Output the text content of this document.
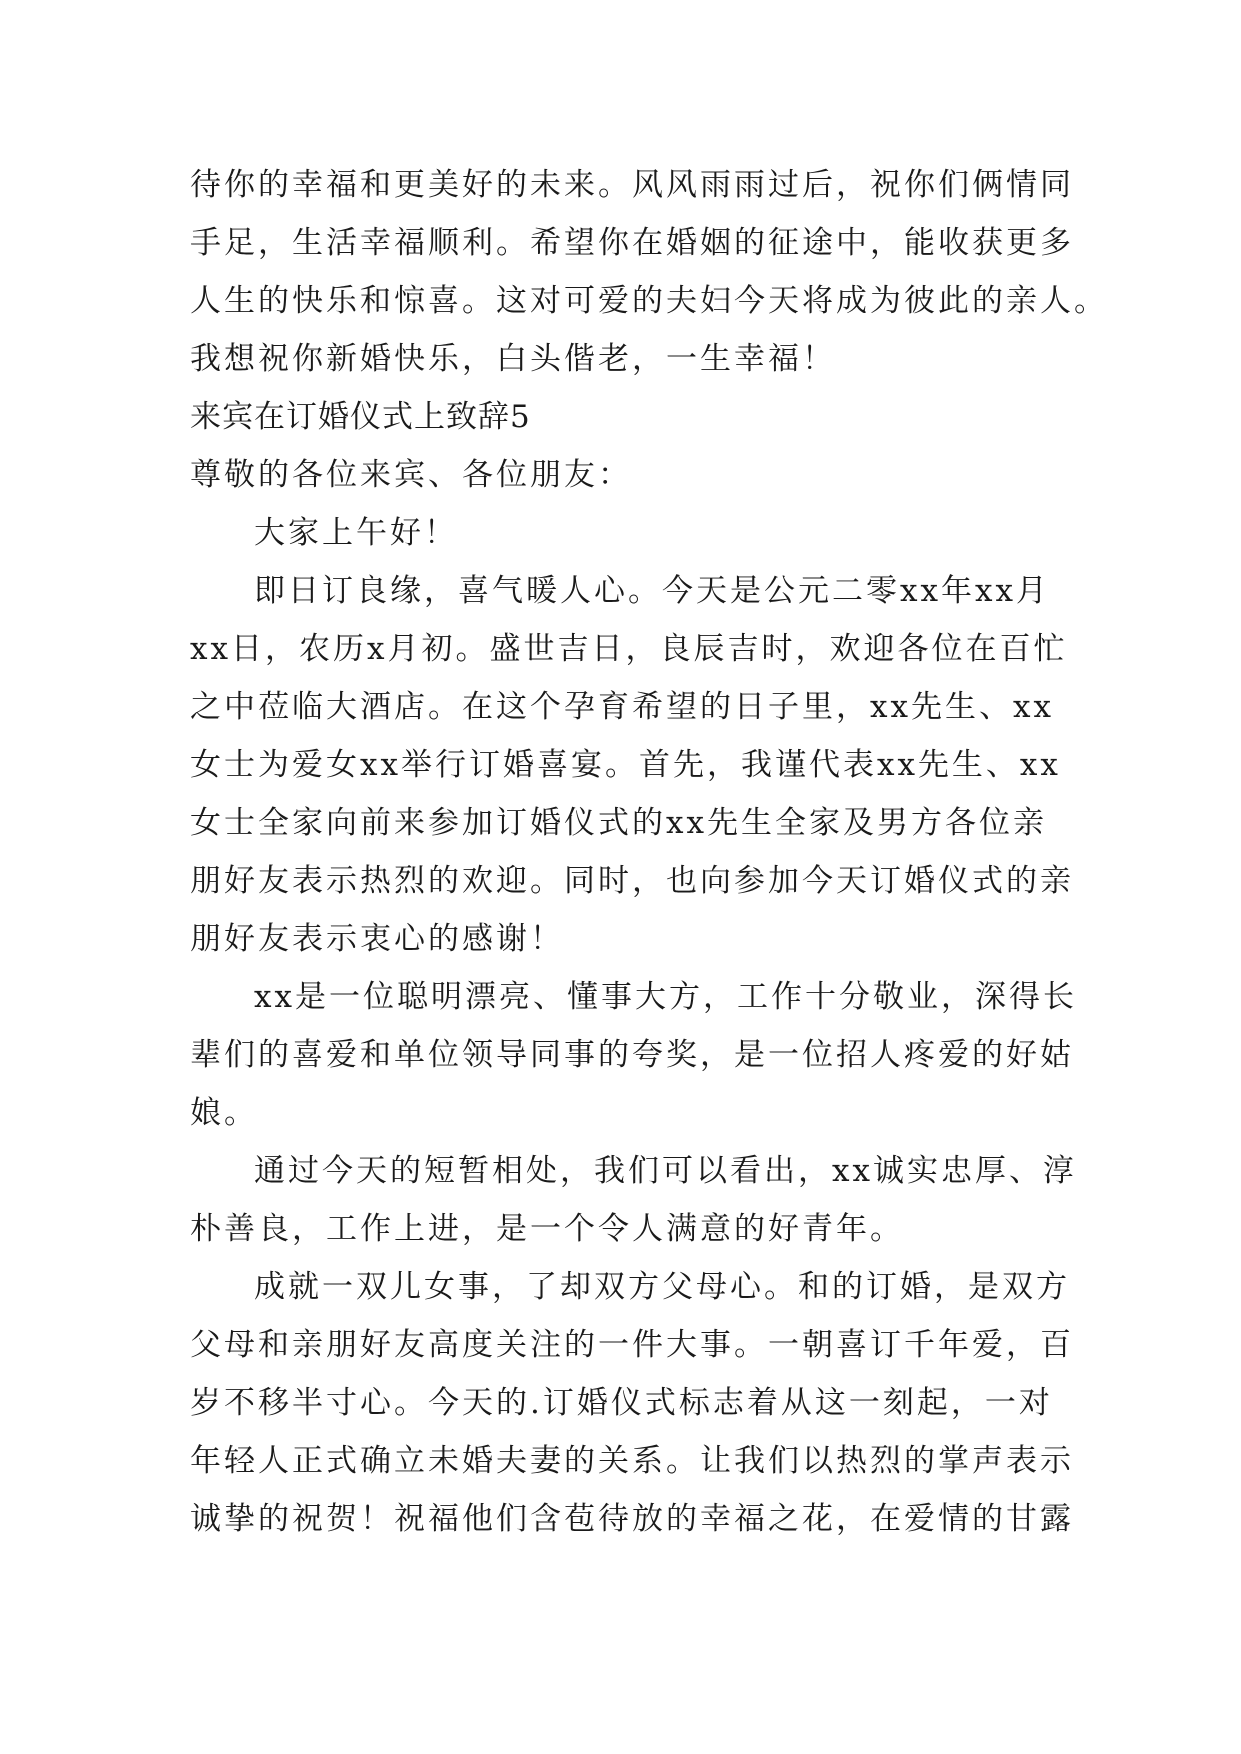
待你的幸福和更美好的未来。风风雨雨过后，祝你们俩情同
手足，生活幸福顺利。希望你在婚姻的征途中，能收获更多
人生的快乐和惊喜。这对可爱的夫妇今天将成为彼此的亲人。
我想祝你新婚快乐，白头偕老，一生幸福！
来宾在订婚仪式上致辞5
尊敬的各位来宾、各位朋友：
大家上午好！
即日订良缘，喜气暖人心。今天是公元二零xx年xx月
xx日，农历x月初。盛世吉日，良辰吉时，欢迎各位在百忙
之中莅临大酒店。在这个孕育希望的日子里，xx先生、xx
女士为爱女xx举行订婚喜宴。首先，我谨代表xx先生、xx
女士全家向前来参加订婚仪式的xx先生全家及男方各位亲
朋好友表示热烈的欢迎。同时，也向参加今天订婚仪式的亲
朋好友表示衷心的感谢！
xx是一位聪明漂亮、懂事大方，工作十分敬业，深得长
辈们的喜爱和单位领导同事的夸奖，是一位招人疼爱的好姑
娘。
通过今天的短暂相处，我们可以看出，xx诚实忠厚、淳
朴善良，工作上进，是一个令人满意的好青年。
成就一双儿女事，了却双方父母心。和的订婚，是双方
父母和亲朋好友高度关注的一件大事。一朝喜订千年爱，百
岁不移半寸心。今天的.订婚仪式标志着从这一刻起，一对
年轻人正式确立未婚夫妻的关系。让我们以热烈的掌声表示
诚挚的祝贺！祝福他们含苞待放的幸福之花，在爱情的甘露
